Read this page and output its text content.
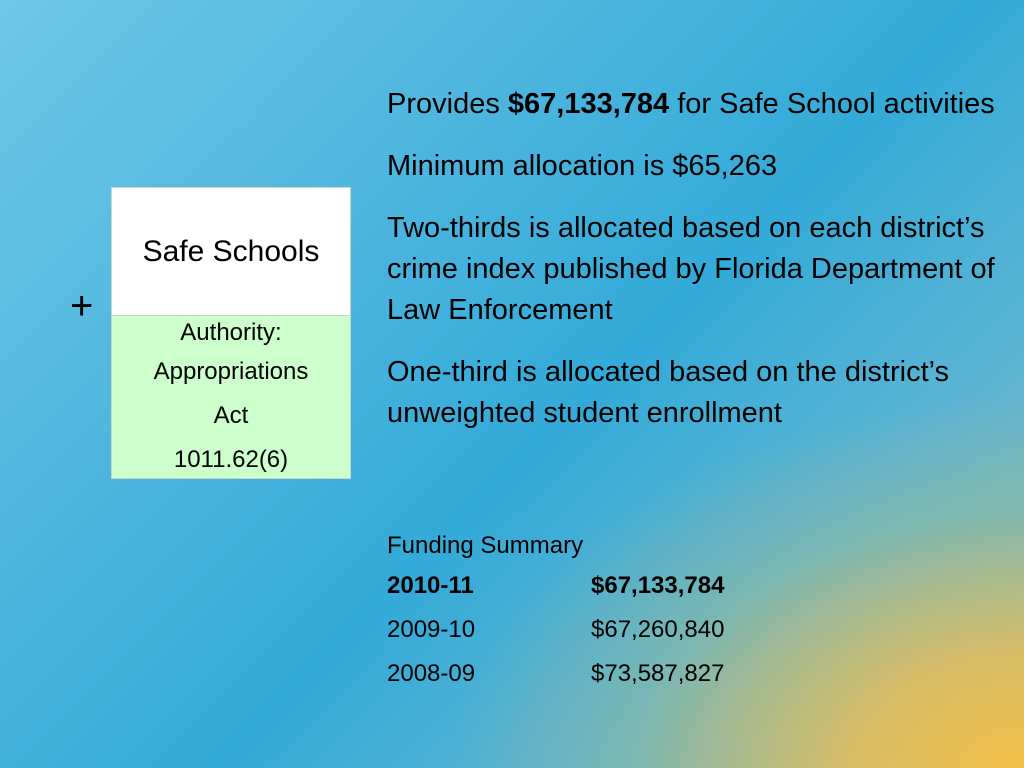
+
Safe Schools
Authority:
Appropriations
Act
1011.62(6)

Provides $67,133,784 for Safe School activities

Minimum allocation is $65,263

Two-thirds is allocated based on each district’s crime index published by Florida Department of Law Enforcement

One-third is allocated based on the district’s unweighted student enrollment

Funding Summary
2010-11	$67,133,784
2009-10	$67,260,840
2008-09	$73,587,827
